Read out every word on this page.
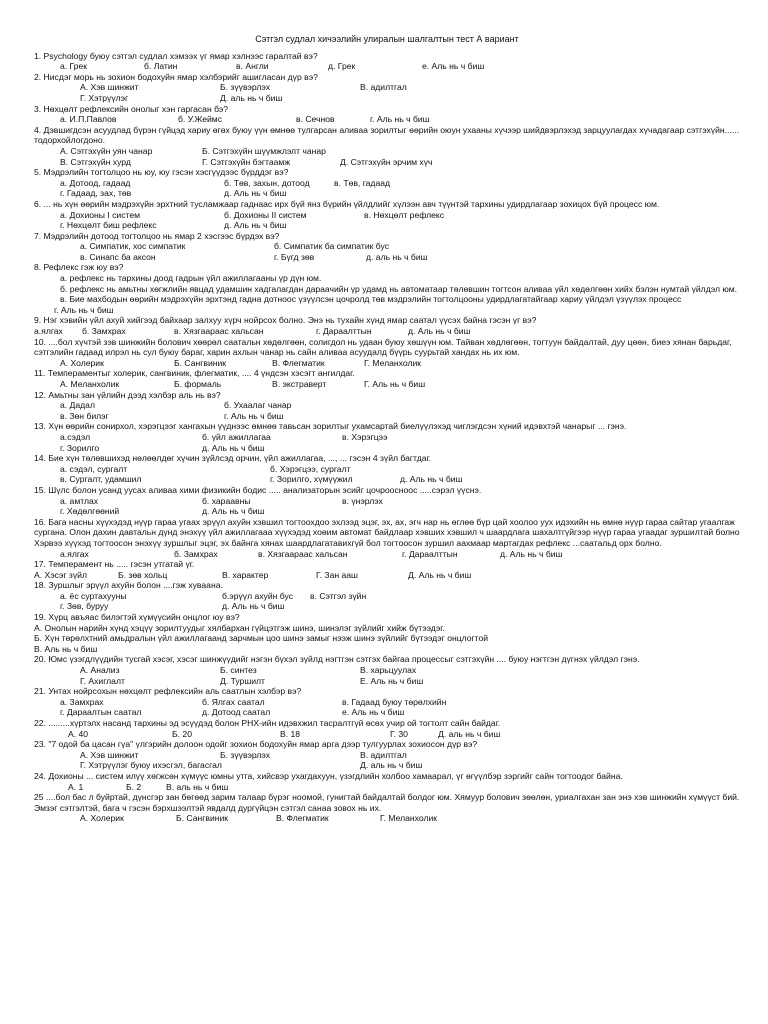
Сэтгэл судлал хичээлийн улиралын шалгалтын тест А вариант
1. Psychology буюу сэтгэл судлал хэмээх үг ямар хэлнээс гаралтай вэ?
а. Грек	б. Латин	в. Англи	д. Грек	е. Аль нь ч биш
2. Нисдэг морь нь зохион бодохуйн ямар хэлбэрийг ашигласан дүр вэ?
А. Хэв шинжит	Б. зүүвэрлэх	В. адилтгал
Г. Хэтрүүлэг	Д. аль нь ч биш
3. Нөхцөлт рефлексийн онолыг хэн гаргасан бэ?
а. И.П.Павлов	б. У.Жеймс	в. Сечнов	г. Аль нь ч биш
4. Дэвшигдсэн асуудлад бүрэн гүйцэд хариу өгөх буюу үүн өмнөө тулгарсан аливаа зорилтыг өөрийн оюун ухааны хүчээр шийдвэрлэхэд зарцуулагдах хүчадагаар сэтгэхүйн...... тодорхойлогдоно.
А. Сэтгэхүйн уян чанар	Б. Сэтгэхүйн шүүмжлэлт чанар
В. Сэтгэхүйн хурд	Г. Сэтгэхүйн бэгтаамж	Д. Сэтгэхүйн эрчим хүч
5. Мэдрэлийн тогтолцоо нь юу, юу гэсэн хэсгүүдээс бүрддэг вэ?
а. Дотоод, гадаад	б. Төв, захын, дотоод	в. Төв, гадаад
г. Гадаад, зах, төв	д. Аль нь ч биш
6. ... нь хүн өөрийн мэдрэхүйн эрхтний тусламжаар гаднаас ирх бүй янз бүрийн үйлдлийг хүлээн авч түүнтэй тархины удирдлагаар зохицох бүй процесс юм.
а. Дохионы I систем	б. Дохионы II систем	в. Нөхцөлт рефлекс
г. Нөхцөлт биш рефлекс	д. Аль нь ч биш
7. Мэдрэлийн дотоод тогтолцоо нь ямар 2 хэсгээс бүрдэх вэ?
а. Симпатик, хос симпатик	б. Симпатик ба симпатик бус
в. Синапс ба аксон	г. Бүгд зөв	д. аль нь ч биш
8. Рефлекс гэж юу вэ?
а. рефлекс нь тархины доод гадрын үйл ажиллагааны үр дүн юм.
б. рефлекс нь амьтны хөгжлийн явцад удамшин хадгалагдан дараачийн үр удамд нь автоматаар төлөвшин тогтсон аливаа үйл хөдөлгөөн хийх бэлэн нумтай үйлдэл юм.
в. Бие махбодын өөрийн мэдрэхүйн эрхтэнд гадна дотноос үзүүлсэн цочролд төв мэдрэлийн тогтолцооны удирдлагатайгаар хариу үйлдэл үзүүлэх процесс
г. Аль нь ч биш
9. Нэг хэвийн үйл ахуй хийгээд байхаар залхуу хүрч нойрсох болно. Энэ нь тухайн хүнд ямар саатал үүсэх байна гэсэн үг вэ?
а.ялгах	б. Замхрах	в. Хязгаараас хальсан	г. Дараалттын	д. Аль нь ч биш
10. ....бол хүчтэй зэв шинжийн болович хөөрөл саатальн хөдөлгөөн, солигдол нь удаан буюу хөшүүн юм. Тайван хөдлөгөөн, тогтуун байдалтай, дуу цөөн, биеэ хянан барьдаг, сэтгэлийн гадаад илрэл нь сул буюу бараг, харин ахлын чанар нь сайн аливаа асуудалд бүүрь суурьтай хандах нь их юм.
А. Холерик	Б. Сангвиник	В. Флегматик	Г. Меланхолик
11. Темпераментыг холерик, сангвиник, флегматик, .... 4 үндсэн хэсэгт ангилдаг.
А. Меланхолик	Б. формаль	В. экстраверт	Г. Аль нь ч биш
12. Амьтны зан үйлийн дээд хэлбэр аль нь вэ?
а. Дадал	б. Ухаалаг чанар
в. Зөн билэг	г. Аль нь ч биш
13. Хүн өөрийн сонирхол, хэрэгцээг хангахын үүднээс өмнөө тавьсан зорилтыг ухамсартай биелүүлэхэд чиглэгдсэн хүний идэвхтэй чанарыг ... гэнэ.
а.сэдэл	б. үйл ажиллагаа	в. Хэрэгцээ
г. Зорилго	д. Аль нь ч биш
14. Бие хүн төлөвшихэд нөлөөлдөг хүчин зүйлсэд орчин, үйл ажиллагаа, ..., ... гэсэн 4 зүйл багтдаг.
а. сэдэл, сургалт	б. Хэрэгцээ, сургалт
в. Сургалт, удамшил	г. Зорилго, хүмүүжил	д. Аль нь ч биш
15. Шүлс болон усанд уусах аливаа хими физикийн бодис ..... анализаторын эсийг цочроосноос .....сэрэл үүснэ.
а. амтлах	б. хараавны	в. үнэрлэх
г. Хөдөлгөөний	д. Аль нь ч биш
16. Бага насны хүүхэдэд нүүр гараа угаах эрүүл ахуйн хэвшил тогтоохдоо эхлээд эцэг, эх, ах, эгч нар нь өглөө бүр цай хоолоо уух идэхийн нь өмнө нүүр гараа сайтар угаалгаж сургана. Олон дахин давтальн дүнд энэхүү үйл ажиллагааа хүүхэдэд хоөим автомат байдлаар хэвших хэвшил ч шаардлага шахалтгүйгээр нүүр гараа угаадаг зуршилтай болно Хэрвээ хүүхэд тогтоосон энэхүү зуршлыг эцэг, эх байнга хянах шаардлагатавихгүй бол тогтоосон зуршил аахмаар мартагдах рефлекс ...саатальд орх болно.
а.ялгах	б. Замхрах	в. Хязгаараас хальсан	г. Дараалттын	д. Аль нь ч биш
17. Темперамент нь ..... гэсэн утгатай үг.
А. Хэсэг зүйл	Б. зөв хольц	В. характер	Г. Зан ааш	Д. Аль нь ч биш
18. Зуршлыг эрүүл ахуйн болон ....гэж хуваана.
а. ёс суртахууны	б.эрүүл ахуйн бус	в. Сэтгэл зүйн
г. Зөв, буруу	д. Аль нь ч биш
19. Хүрц авъяас билэгтэй хүмүүсийн онцлог юу вэ?
А. Онолын нарийн хүнд хэцүү зорилтуудыг хялбархан гүйцэтгэж шинэ, шинэлэг зүйлийг хийж бүтээдэг.
Б. Хүн төрөлхтний амьдралын үйл ажиллагаанд зарчмын цоо шинэ замыг нээж шинэ зүйлийг бүтээдэг онцлогтой
В. Аль нь ч биш
20. Юмс үзэгдлүүдийн тусгай хэсэг, хэсэг шинжүүдийг нэгэн бүхэл зүйлд нэгтгэн сэтгэх байгаа процессыг сэтгэхүйн .... буюу нэгтгэн дүгнэх үйлдэл гэнэ.
А. Анализ	Б. синтез	В. харьцуулах
Г. Ахиглалт	Д. Туршилт	Е. Аль нь ч биш
21. Унтах нойрсохын нөхцөлт рефлексийн аль саатлын хэлбэр вэ?
а. Замхрах	б. Ялгах саатал	в. Гадаад буюу төрөлхийн
г. Дараалтын саатал	д. Дотоод саатал	е. Аль нь ч биш
22. .........хүртэлх насанд тархины эд эсүүдэд болон РНХ-ийн идэвхжил тасралтгүй өсөх учир ой тогтолт сайн байдаг.
А. 40	Б. 20	В. 18	Г. 30	Д. аль нь ч биш
23. "7 одой ба цасан гүа" үлгэрийн долоон одойг зохион бодохуйн ямар арга дээр тулгуурлах зохиосон дүр вэ?
А. Хэв шинжит	Б. зүүвэрлэх	В. адилтгал
Г. Хэтрүүлэг буюу ихэсгэл, багасгал	Д. аль нь ч биш
24. Дохионы ... систем илүү хөгжсөн хүмүүс юмны утга, хийсвэр ухагдахуун, үзэгдлийн холбоо хамаарал, үг өгүүлбэр зэргийг сайн тогтоодог байна.
А. 1	Б. 2	В. аль нь ч биш
25 ....бол бас л буйртай, дүнсгэр зан бөгөөд зарим талаар бүрэг ноомой, гунигтай байдалтай болдог юм. Хямуур болович зөөлөн, уриалгахан зан энэ хэв шинжийн хүмүүст бий. Эмзэг сэтгэлтэй, бага ч гэсэн бэрхшээлтэй явдалд дургүйцэн сэтгэл санаа зовох нь их.
А. Холерик	Б. Сангвиник	В. Флегматик	Г. Меланхолик
